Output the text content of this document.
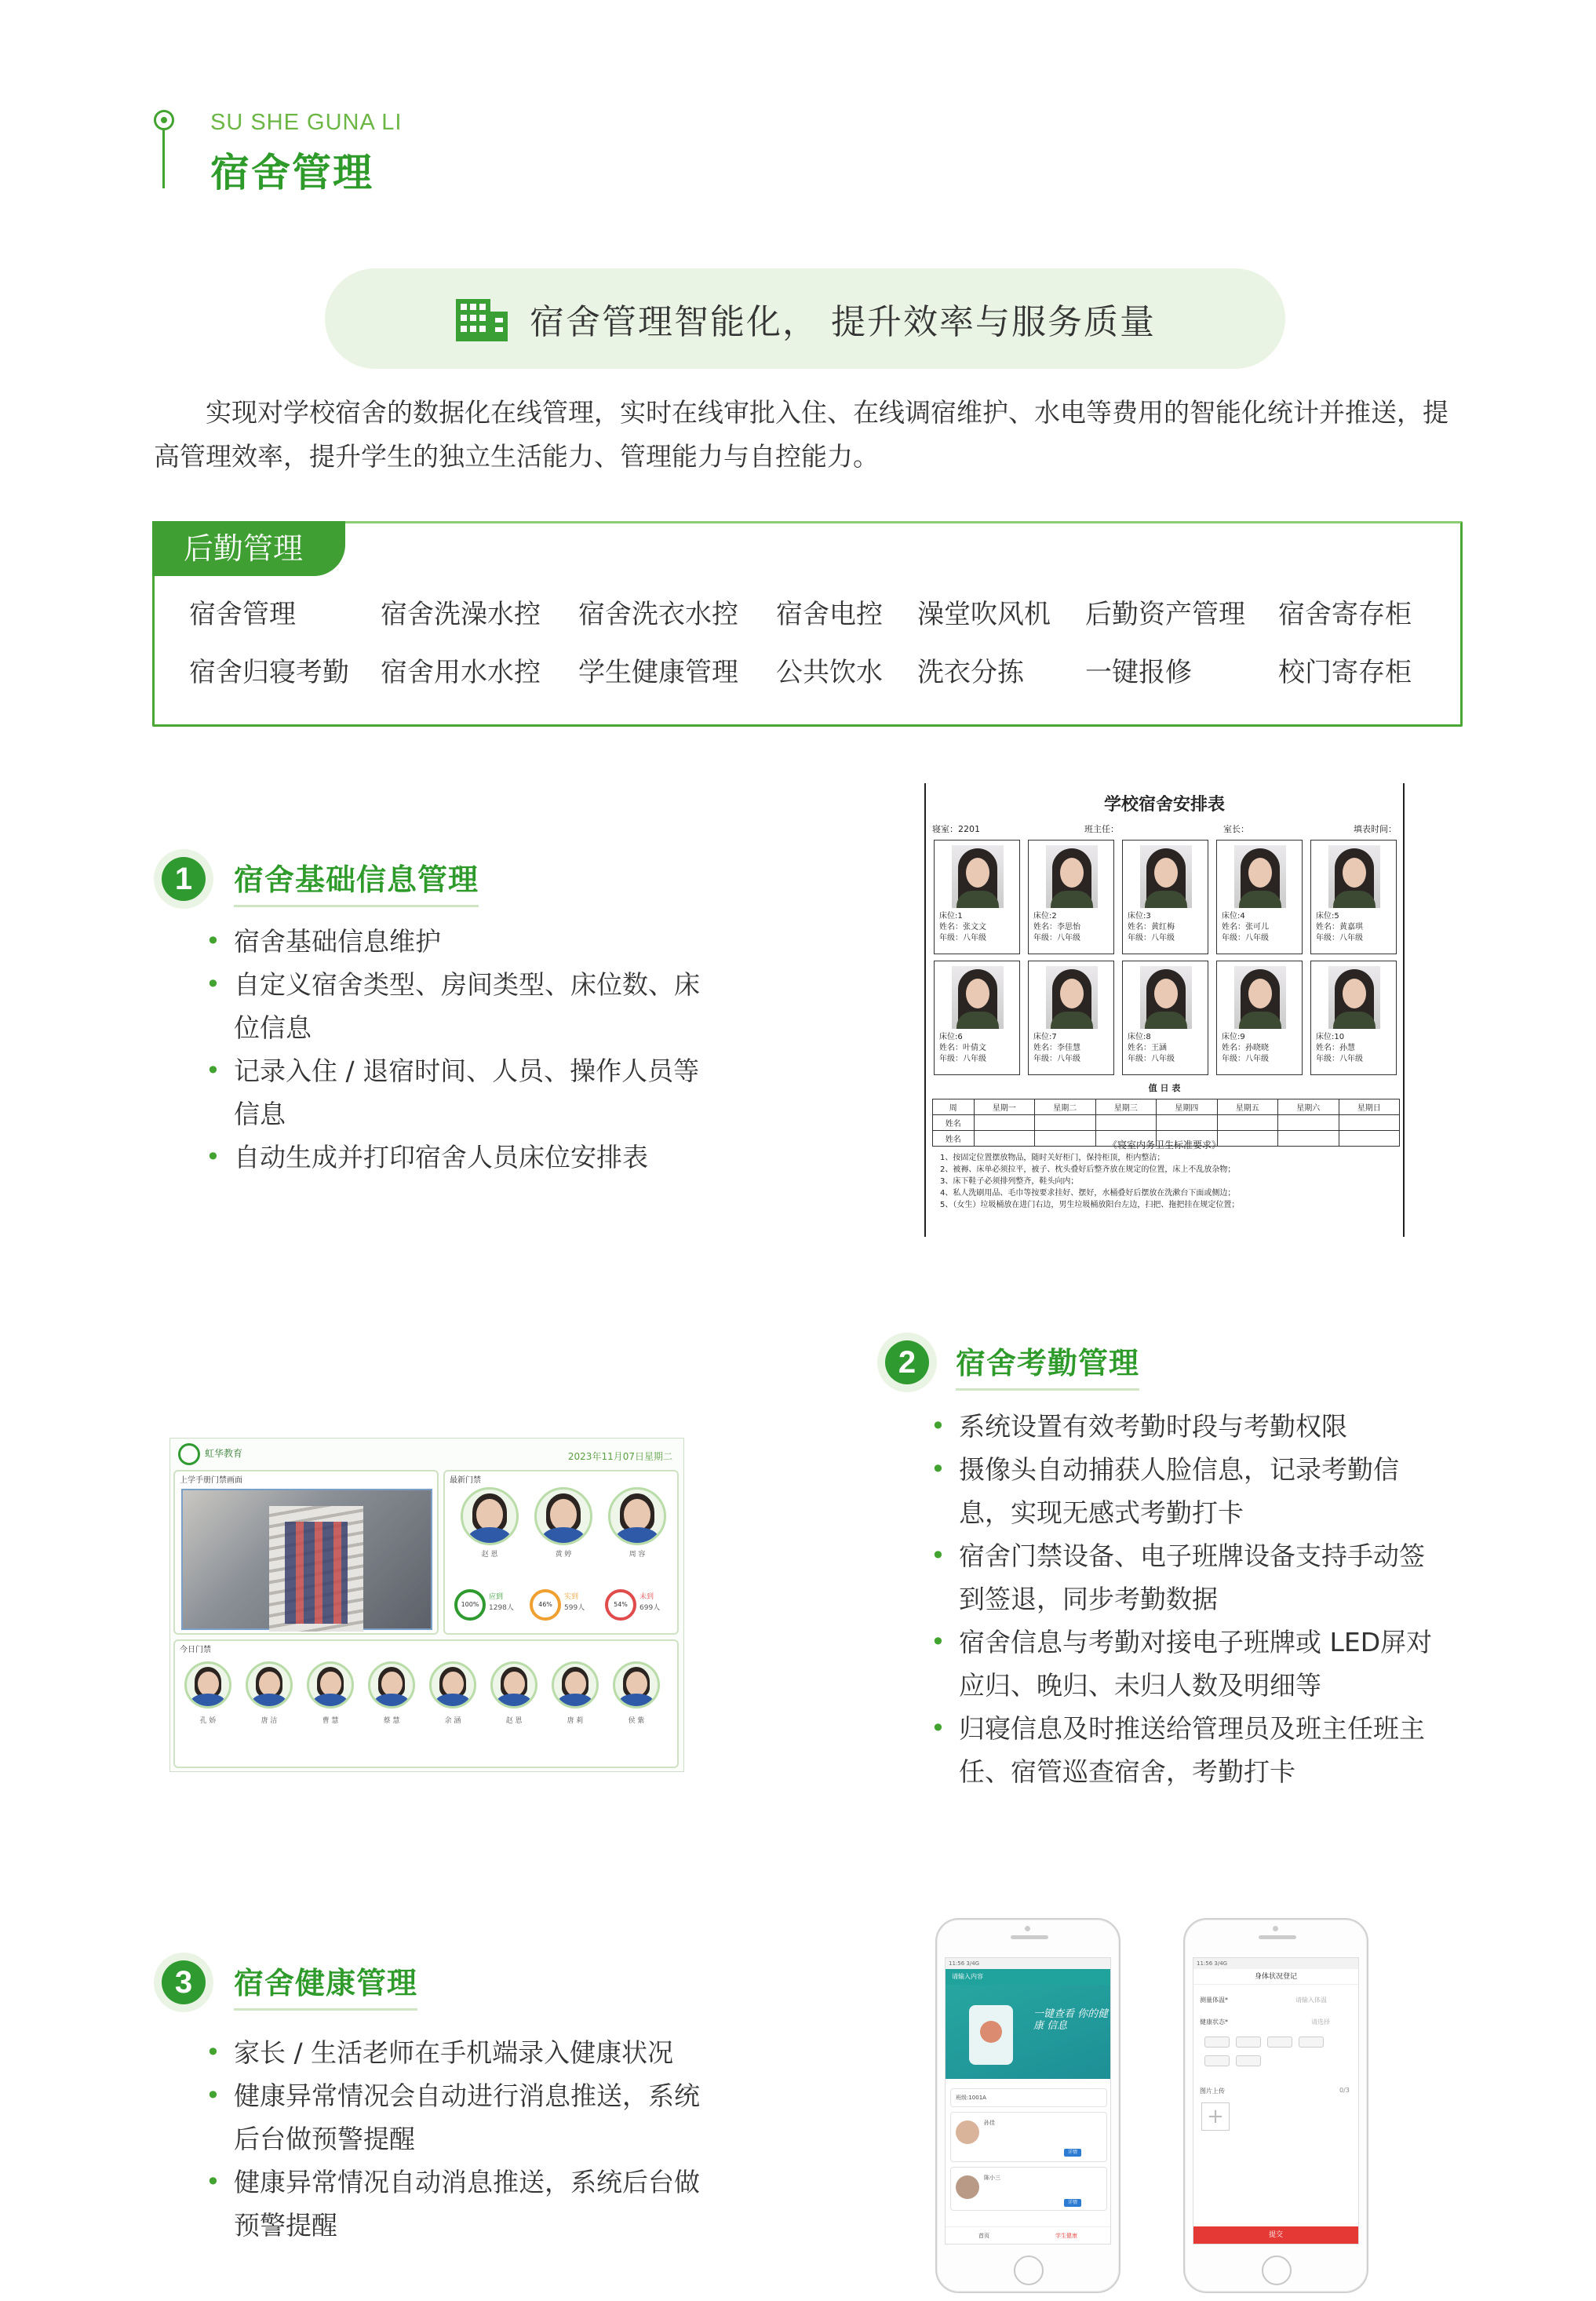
SU SHE GUNA LI
宿舍管理
宿舍管理智能化， 提升效率与服务质量

实现对学校宿舍的数据化在线管理，实时在线审批入住、在线调宿维护、水电等费用的智能化统计并推送，提高管理效率，提升学生的独立生活能力、管理能力与自控能力。

后勤管理
宿舍管理	宿舍洗澡水控 宿舍洗衣水控 宿舍电控 澡堂吹风机 后勤资产管理 宿舍寄存柜
宿舍归寝考勤 宿舍用水水控 学生健康管理 公共饮水 洗衣分拣 一键报修	校门寄存柜
1	宿舍基础信息管理
• 宿舍基础信息维护
• 自定义宿舍类型、房间类型、床位数、床位信息
• 记录入住 / 退宿时间、人员、操作人员等信息
• 自动生成并打印宿舍人员床位安排表
学校宿舍安排表
寝室：2201	班主任：	室长：	填表时间：
床位:1
姓名：张文文
年级：八年级
床位:2
姓名：李思怡
年级：八年级
床位:3
姓名：黄红梅
年级：八年级
床位:4
姓名：张可儿
年级：八年级
床位:5
姓名：黄嘉琪
年级：八年级
床位:6
姓名：叶倩文
年级：八年级
床位:7
姓名：李佳慧
年级：八年级
床位:8
姓名：王涵
年级：八年级
床位:9
姓名：孙晓晓
年级：八年级
床位:10
姓名：孙慧
年级：八年级
值 日 表
周	星期一	星期二	星期三	星期四	星期五	星期六	星期日
姓名							
姓名								《寝室内务卫生标准要求》
1、按固定位置摆放物品，随时关好柜门，保持柜顶，柜内整洁；
2、被褥、床单必须拉平，被子、枕头叠好后整齐放在规定的位置，床上不乱放杂物；
3、床下鞋子必须排列整齐，鞋头向内；
4、私人洗刷用品、毛巾等按要求挂好、摆好，水桶叠好后摆放在洗漱台下面或侧边；
5、（女生）垃圾桶放在进门右边，男生垃圾桶放阳台左边，扫把、拖把挂在规定位置；
2	宿舍考勤管理
• 系统设置有效考勤时段与考勤权限
• 摄像头自动捕获人脸信息，记录考勤信息，实现无感式考勤打卡
• 宿舍门禁设备、电子班牌设备支持手动签到签退，同步考勤数据
• 宿舍信息与考勤对接电子班牌或 LED屏对应归、晚归、未归人数及明细等
• 归寝信息及时推送给管理员及班主任班主任、宿管巡查宿舍，考勤打卡
虹华教育	2023年11月07日星期二
上学手册门禁画面	最新门禁
赵 恩	黄 婷	周 容
100%
应到
1298人	46%
实到
599人	54%
未到
699人
今日门禁
孔 娇	唐 洁	曹 慧	蔡 慧	余 涵	赵 恩	唐 莉	侯 紫
3	宿舍健康管理
• 家长 / 生活老师在手机端录入健康状况
• 健康异常情况会自动进行消息推送，系统后台做预警提醒
• 健康异常情况自动消息推送，系统后台做预警提醒
11:56 3/4G
请输入内容
一键查看 你的健康 信息
班级:1001A
孙佳
详情
陈小三
详情
首页	学生健康
11:56 3/4G
身体状况登记
测量体温*	请输入体温
健康状态*	请选择
图片上传	0/3
+
提交
